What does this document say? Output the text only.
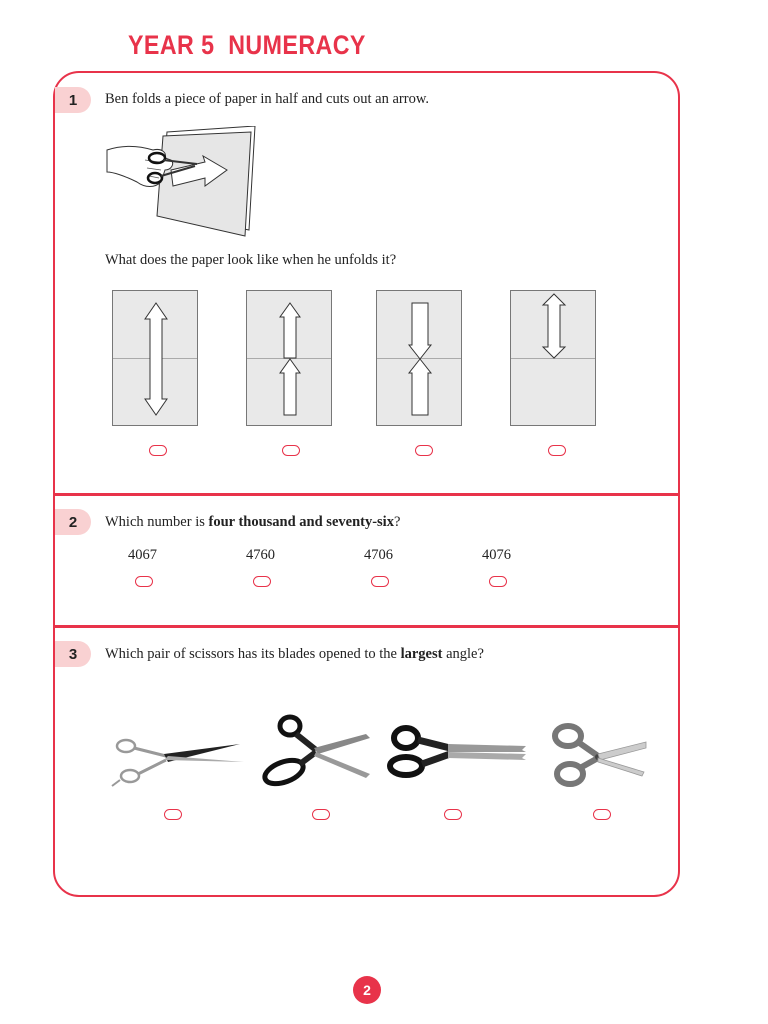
YEAR 5 NUMERACY
1	Ben folds a piece of paper in half and cuts out an arrow.
What does the paper look like when he unfolds it?
2	Which number is four thousand and seventy-six?
4067	4760	4706	4076
3	Which pair of scissors has its blades opened to the largest angle?
2
